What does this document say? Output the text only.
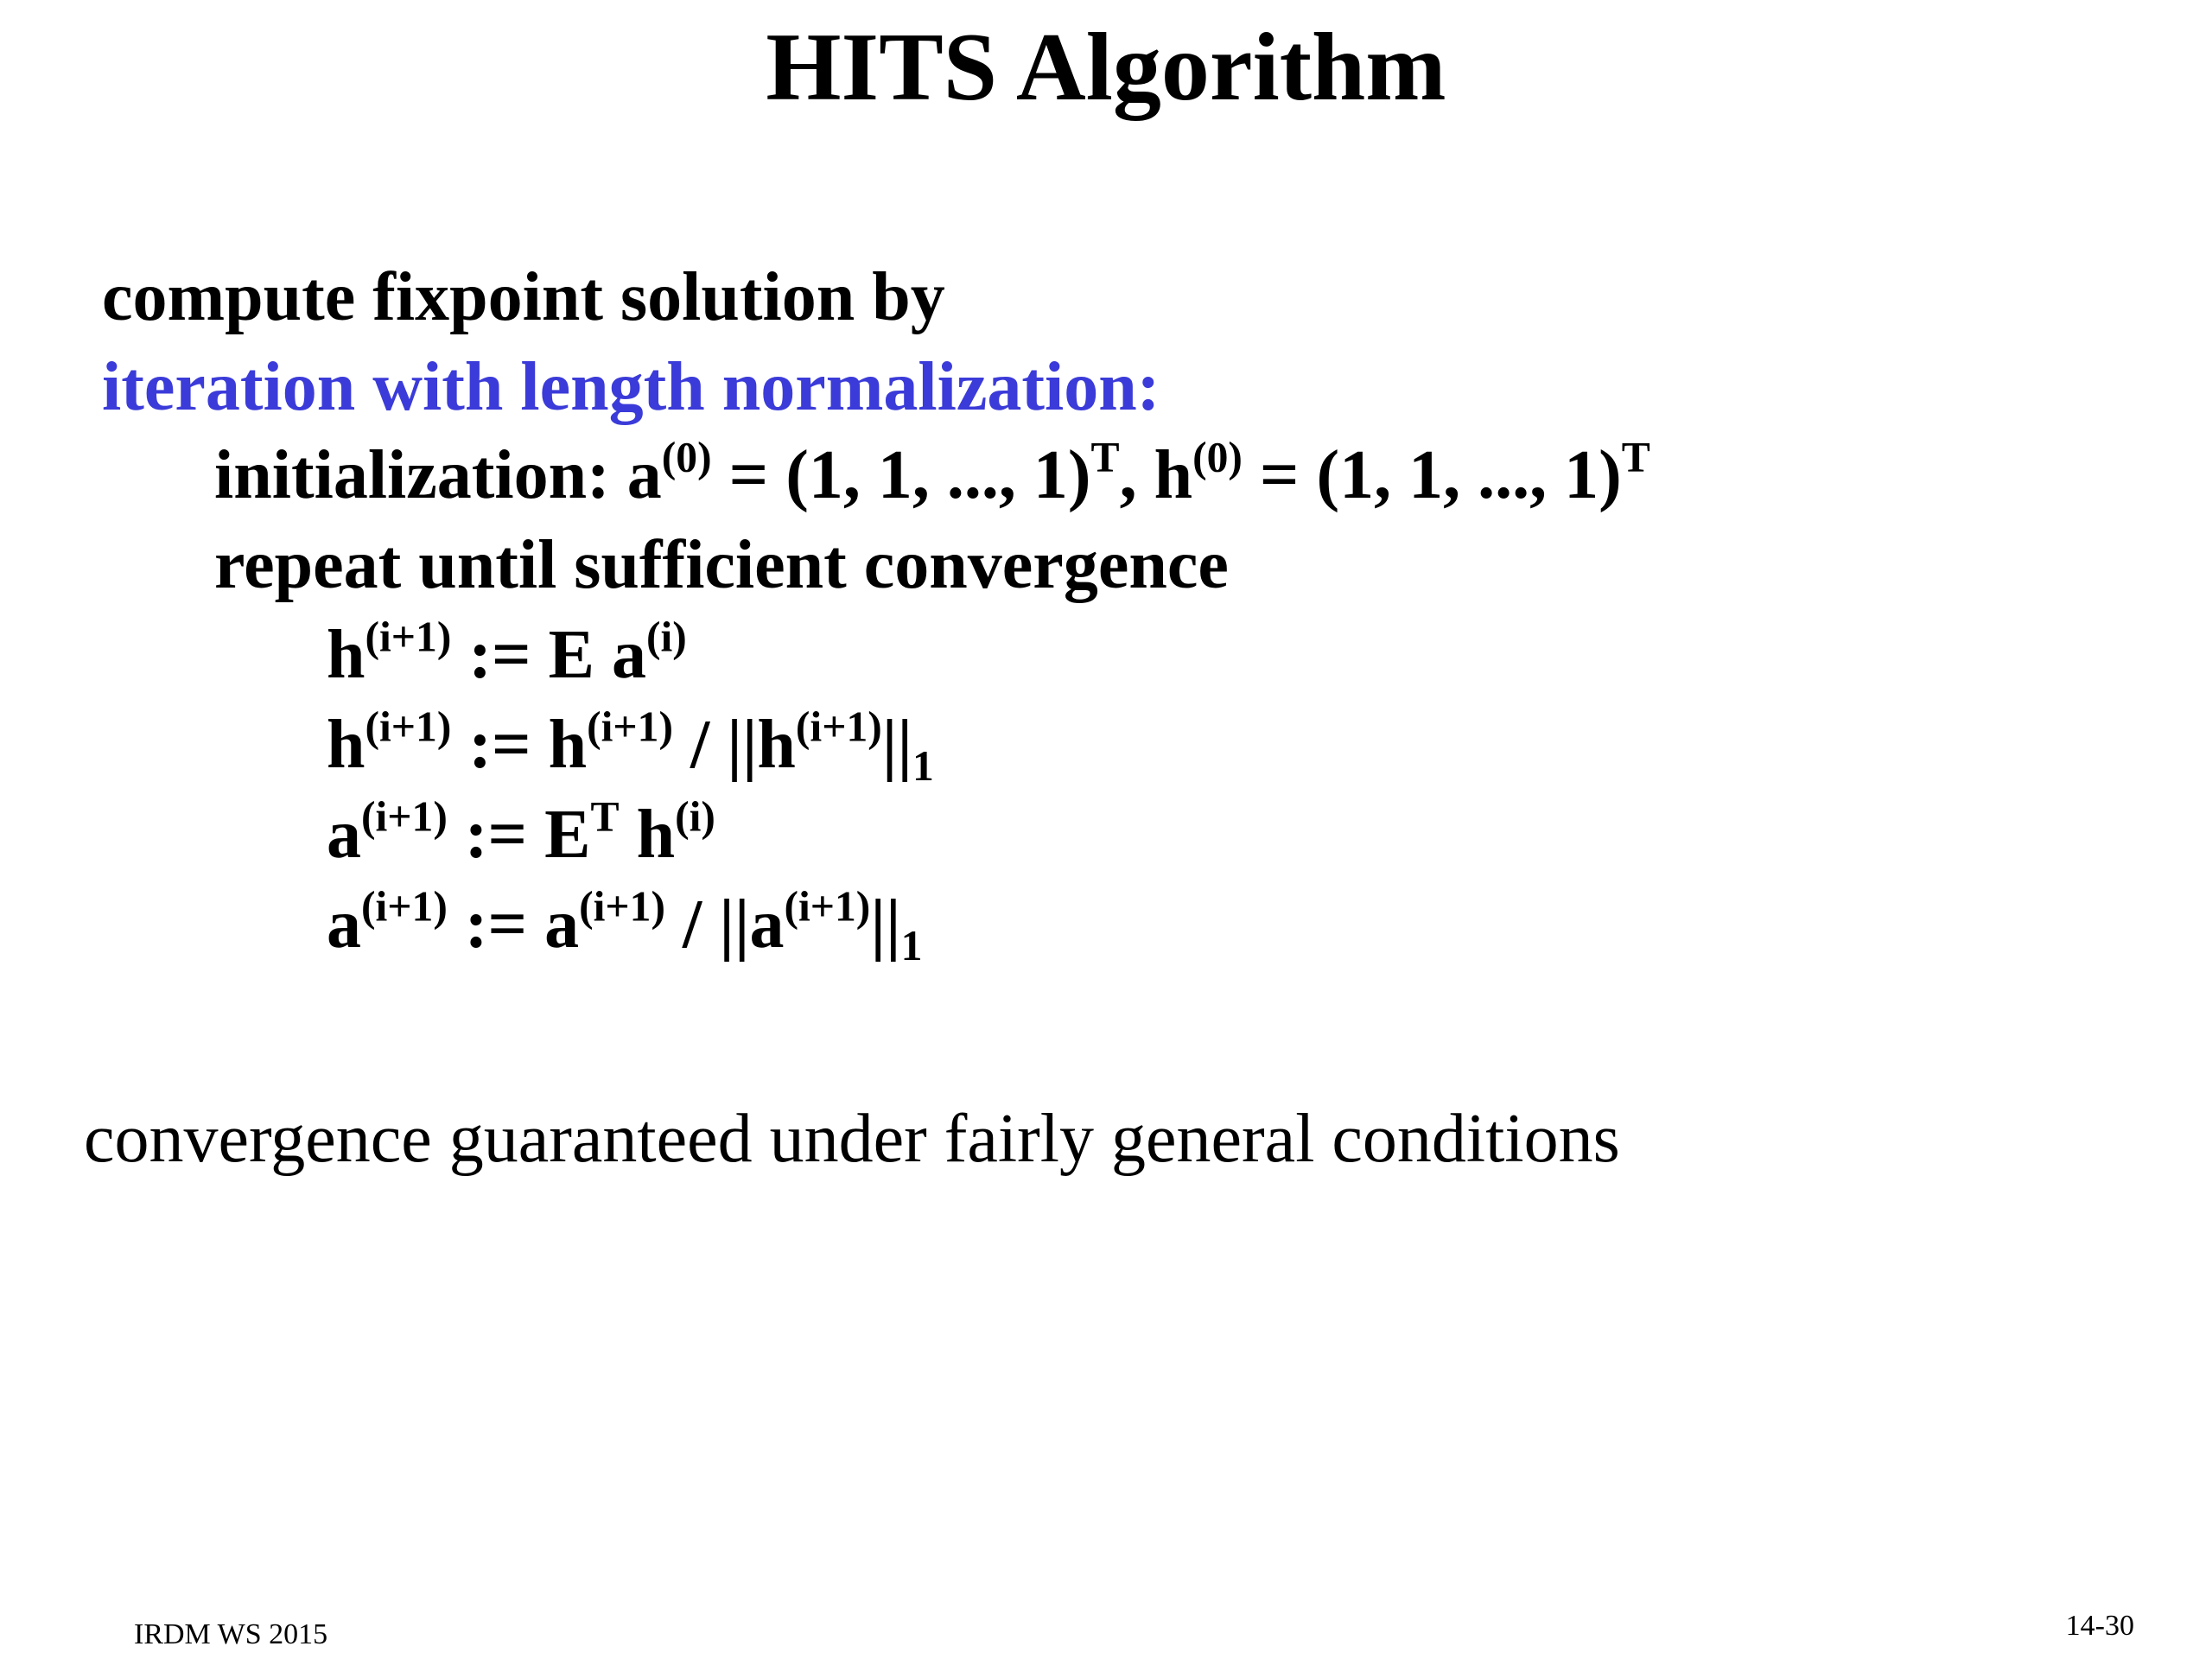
HITS Algorithm
compute fixpoint solution by
iteration with length normalization:
initialization: $a^{(0)} = (1$, 1, ..., 1)$^T$, $h^{(0)} = (1$, 1, ..., 1)$^T$
repeat until sufficient convergence
$h^{(i+1)}$ := E $a^{(i)}$
$h^{(i+1)}$ := $h^{(i+1)} / ||h^{(i+1)}||_1$
$a^{(i+1)}$ := $E^T$ $h^{(i)}$
$a^{(i+1)}$ := $a^{(i+1)} / ||a^{(i+1)}||_1$
convergence guaranteed under fairly general conditions
IRDM WS 2015	14-30
